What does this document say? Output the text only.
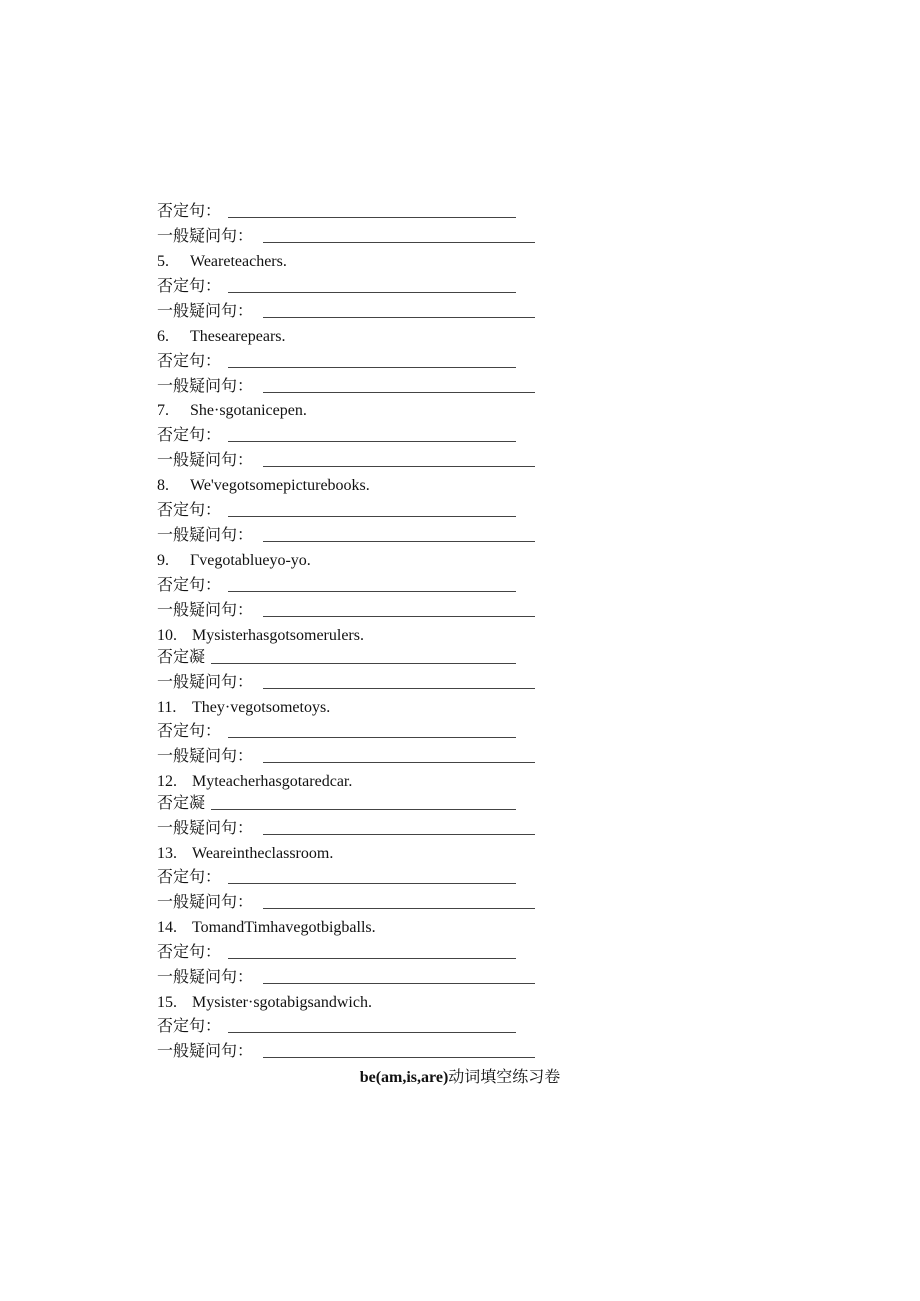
否定句：
一般疑问句：
5. Weareteachers.
否定句：
一般疑问句：
6. Thesearepears.
否定句：
一般疑问句：
7. She·sgotanicepen.
否定句：
一般疑问句：
8. We'vegotsomepicturebooks.
否定句：
一般疑问句：
9. Γvegotablueyo-yo.
否定句：
一般疑问句：
10. Mysisterhasgotsomerulers.
否定凝
一般疑问句：
11. They·vegotsometoys.
否定句：
一般疑问句：
12. Myteacherhasgotaredcar.
否定凝
一般疑问句：
13. Weareintheclassroom.
否定句：
一般疑问句：
14. TomandTimhavegotbigballs.
否定句：
一般疑问句：
15. Mysister·sgotabigsandwich.
否定句：
一般疑问句：
be(am,is,are)动词填空练习卷
